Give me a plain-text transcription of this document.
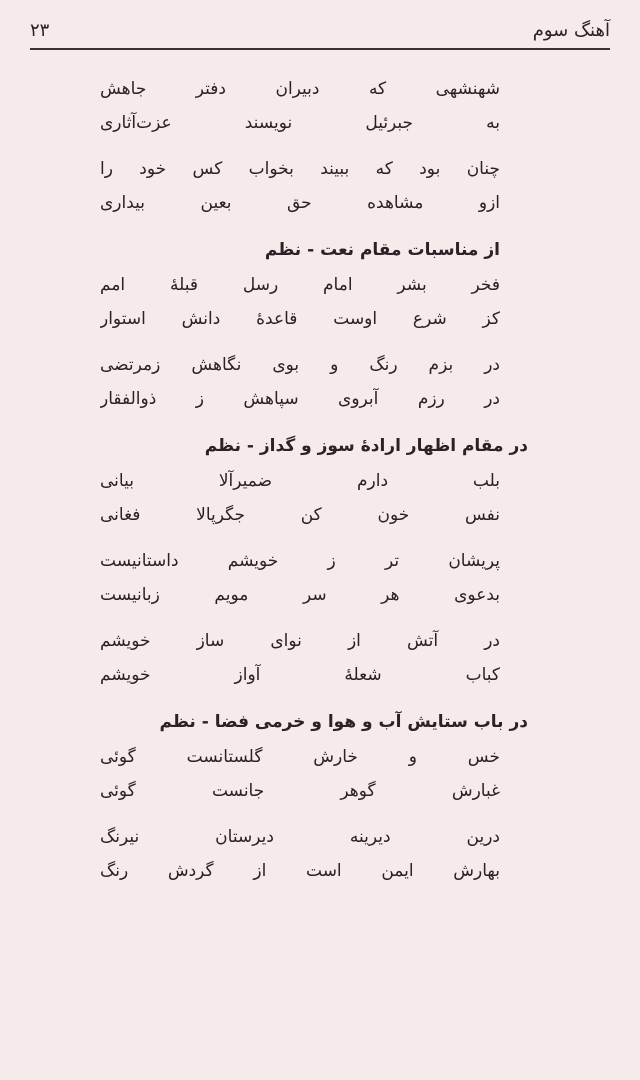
۲۳	آهنگ سوم
شهنشهی که دبیران دفتر جاهش
به جبرئیل نویسند عزت‌آثاری
چنان بود که ببیند بخواب کس خود را
ازو مشاهده حق بعین بیداری
از مناسبات مقام نعت - نظم
فخر بشر امام رسل قبلهٔ امم
کز شرع اوست قاعدهٔ دانش استوار
در بزم رنگ و بوی نگاهش زمرتضی
در رزم آبروی سپاهش ز ذوالفقار
در مقام اظهار ارادهٔ سوز و گداز - نظم
بلب دارم ضمیرآلا بیانی
نفس خون کن جگرپالا فغانی
پریشان تر ز خویشم داستانیست
بدعوی هر سر مویم زبانیست
در آتش از نوای ساز خویشم
کباب شعلهٔ آواز خویشم
در باب ستایش آب و هوا و خرمی فضا - نظم
خس و خارش گلستانست گوئی
غبارش گوهر جانست گوئی
درین دیرینه دیرستان نیرنگ
بهارش ایمن است از گردش رنگ
